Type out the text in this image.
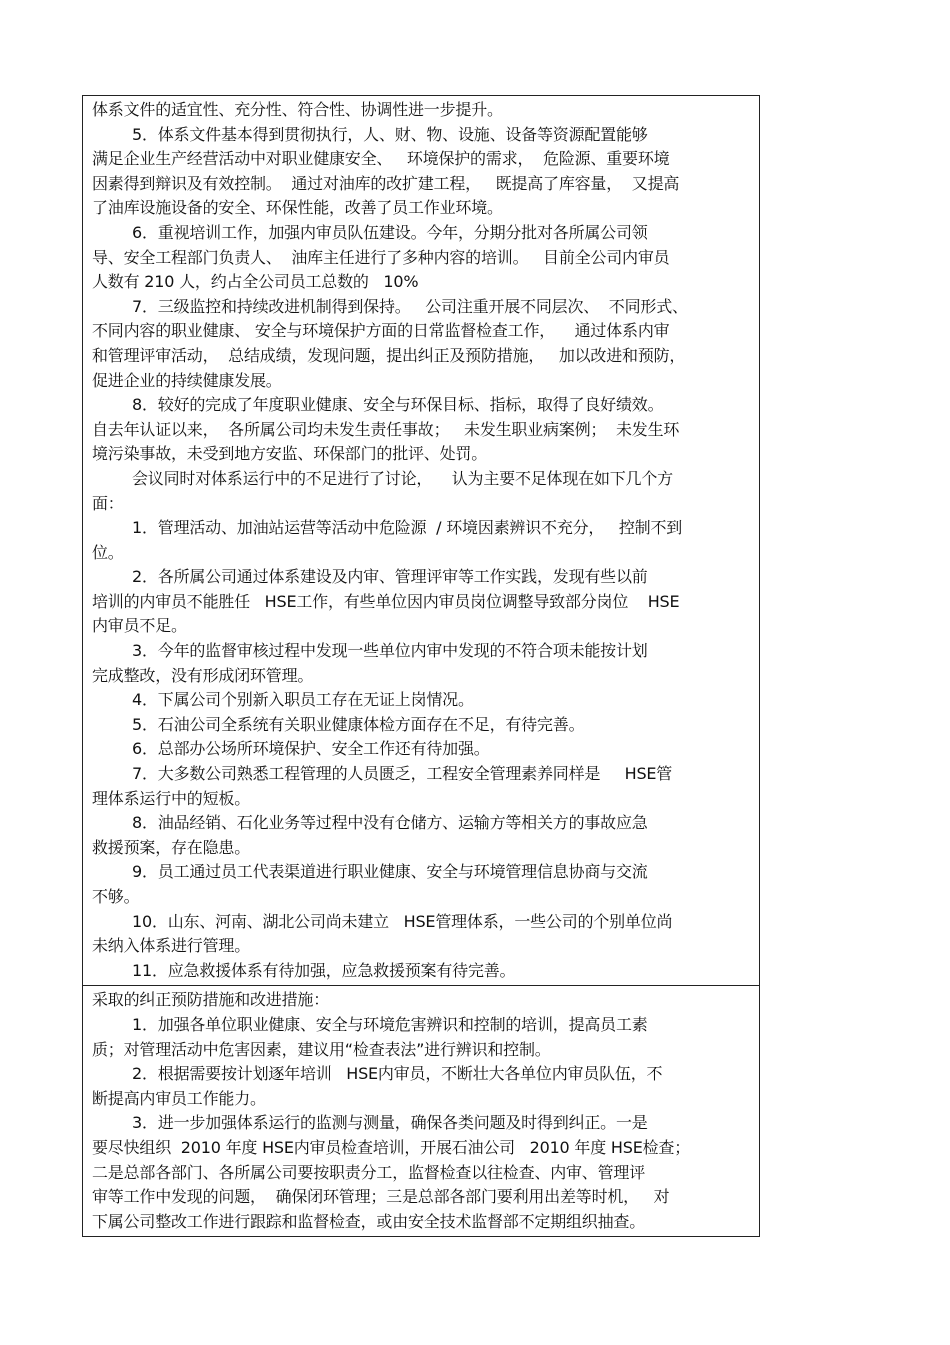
体系文件的适宜性、充分性、符合性、协调性进一步提升。
5．体系文件基本得到贯彻执行，人、财、物、设施、设备等资源配置能够
满足企业生产经营活动中对职业健康安全、   环境保护的需求，  危险源、重要环境
因素得到辩识及有效控制。  通过对油库的改扩建工程，   既提高了库容量，  又提高
了油库设施设备的安全、环保性能，改善了员工作业环境。
6．重视培训工作，加强内审员队伍建设。今年，分期分批对各所属公司领
导、安全工程部门负责人、  油库主任进行了多种内容的培训。   目前全公司内审员
人数有 210 人，约占全公司员工总数的   10%
7．三级监控和持续改进机制得到保持。   公司注重开展不同层次、  不同形式、
不同内容的职业健康、 安全与环境保护方面的日常监督检查工作，    通过体系内审
和管理评审活动，  总结成绩，发现问题，提出纠正及预防措施，   加以改进和预防，
促进企业的持续健康发展。
8．较好的完成了年度职业健康、安全与环保目标、指标，取得了良好绩效。
自去年认证以来，  各所属公司均未发生责任事故；   未发生职业病案例；  未发生环
境污染事故，未受到地方安监、环保部门的批评、处罚。
会议同时对体系运行中的不足进行了讨论，    认为主要不足体现在如下几个方
面：
1．管理活动、加油站运营等活动中危险源  / 环境因素辨识不充分，   控制不到
位。
2．各所属公司通过体系建设及内审、管理评审等工作实践，发现有些以前
培训的内审员不能胜任   HSE工作，有些单位因内审员岗位调整导致部分岗位    HSE
内审员不足。
3．今年的监督审核过程中发现一些单位内审中发现的不符合项未能按计划
完成整改，没有形成闭环管理。
4．下属公司个别新入职员工存在无证上岗情况。
5．石油公司全系统有关职业健康体检方面存在不足，有待完善。
6．总部办公场所环境保护、安全工作还有待加强。
7．大多数公司熟悉工程管理的人员匮乏，工程安全管理素养同样是     HSE管
理体系运行中的短板。
8．油品经销、石化业务等过程中没有仓储方、运输方等相关方的事故应急
救援预案，存在隐患。
9．员工通过员工代表渠道进行职业健康、安全与环境管理信息协商与交流
不够。
10．山东、河南、湖北公司尚未建立   HSE管理体系，一些公司的个别单位尚
未纳入体系进行管理。
11．应急救援体系有待加强，应急救援预案有待完善。
采取的纠正预防措施和改进措施：
1．加强各单位职业健康、安全与环境危害辨识和控制的培训，提高员工素
质；对管理活动中危害因素，建议用“检查表法”进行辨识和控制。
2．根据需要按计划逐年培训   HSE内审员，不断壮大各单位内审员队伍，不
断提高内审员工作能力。
3．进一步加强体系运行的监测与测量，确保各类问题及时得到纠正。一是
要尽快组织  2010 年度 HSE内审员检查培训，开展石油公司   2010 年度 HSE检查；
二是总部各部门、各所属公司要按职责分工，监督检查以往检查、内审、管理评
审等工作中发现的问题，  确保闭环管理；三是总部各部门要利用出差等时机，   对
下属公司整改工作进行跟踪和监督检查，或由安全技术监督部不定期组织抽查。
